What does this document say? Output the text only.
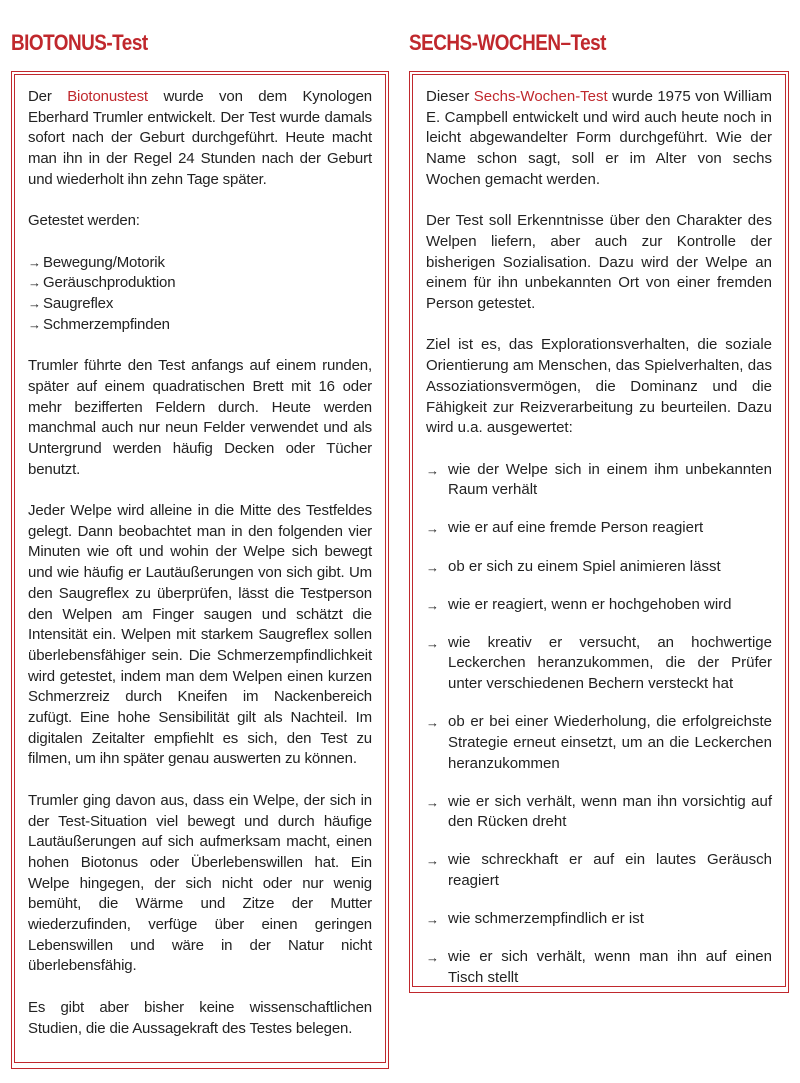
BIOTONUS-Test

Der Biotonustest wurde von dem Kynologen Eberhard Trumler entwickelt. Der Test wurde damals sofort nach der Geburt durchgeführt. Heute macht man ihn in der Regel 24 Stunden nach der Geburt und wiederholt ihn zehn Tage später.

Getestet werden:

→ Bewegung/Motorik
→ Geräuschproduktion
→ Saugreflex
→ Schmerzempfinden

Trumler führte den Test anfangs auf einem runden, später auf einem quadratischen Brett mit 16 oder mehr bezifferten Feldern durch. Heute werden manchmal auch nur neun Felder verwendet und als Untergrund werden häufig Decken oder Tücher benutzt.

Jeder Welpe wird alleine in die Mitte des Testfeldes gelegt. Dann beobachtet man in den folgenden vier Minuten wie oft und wohin der Welpe sich bewegt und wie häufig er Lautäußerungen von sich gibt. Um den Saugreflex zu überprüfen, lässt die Testperson den Welpen am Finger saugen und schätzt die Intensität ein. Welpen mit starkem Saugreflex sollen überlebensfähiger sein. Die Schmerzempfindlichkeit wird getestet, indem man dem Welpen einen kurzen Schmerzreiz durch Kneifen im Nackenbereich zufügt. Eine hohe Sensibilität gilt als Nachteil. Im digitalen Zeitalter empfiehlt es sich, den Test zu filmen, um ihn später genau auswerten zu können.

Trumler ging davon aus, dass ein Welpe, der sich in der Test-Situation viel bewegt und durch häufige Lautäußerungen auf sich aufmerksam macht, einen hohen Biotonus oder Überlebenswillen hat. Ein Welpe hingegen, der sich nicht oder nur wenig bemüht, die Wärme und Zitze der Mutter wiederzufinden, verfüge über einen geringen Lebenswillen und wäre in der Natur nicht überlebensfähig.

Es gibt aber bisher keine wissenschaftlichen Studien, die die Aussagekraft des Testes belegen.

SECHS-WOCHEN–Test

Dieser Sechs-Wochen-Test wurde 1975 von William E. Campbell entwickelt und wird auch heute noch in leicht abgewandelter Form durchgeführt. Wie der Name schon sagt, soll er im Alter von sechs Wochen gemacht werden.

Der Test soll Erkenntnisse über den Charakter des Welpen liefern, aber auch zur Kontrolle der bisherigen Sozialisation. Dazu wird der Welpe an einem für ihn unbekannten Ort von einer fremden Person getestet.

Ziel ist es, das Explorationsverhalten, die soziale Orientierung am Menschen, das Spielverhalten, das Assoziationsvermögen, die Dominanz und die Fähigkeit zur Reizverarbeitung zu beurteilen. Dazu wird u.a. ausgewertet:

→ wie der Welpe sich in einem ihm unbekannten Raum verhält
→ wie er auf eine fremde Person reagiert
→ ob er sich zu einem Spiel animieren lässt
→ wie er reagiert, wenn er hochgehoben wird
→ wie kreativ er versucht, an hochwertige Leckerchen heranzukommen, die der Prüfer unter verschiedenen Bechern versteckt hat
→ ob er bei einer Wiederholung, die erfolgreichste Strategie erneut einsetzt, um an die Leckerchen heranzukommen
→ wie er sich verhält, wenn man ihn vorsichtig auf den Rücken dreht
→ wie schreckhaft er auf ein lautes Geräusch reagiert
→ wie schmerzempfindlich er ist
→ wie er sich verhält, wenn man ihn auf einen Tisch stellt
